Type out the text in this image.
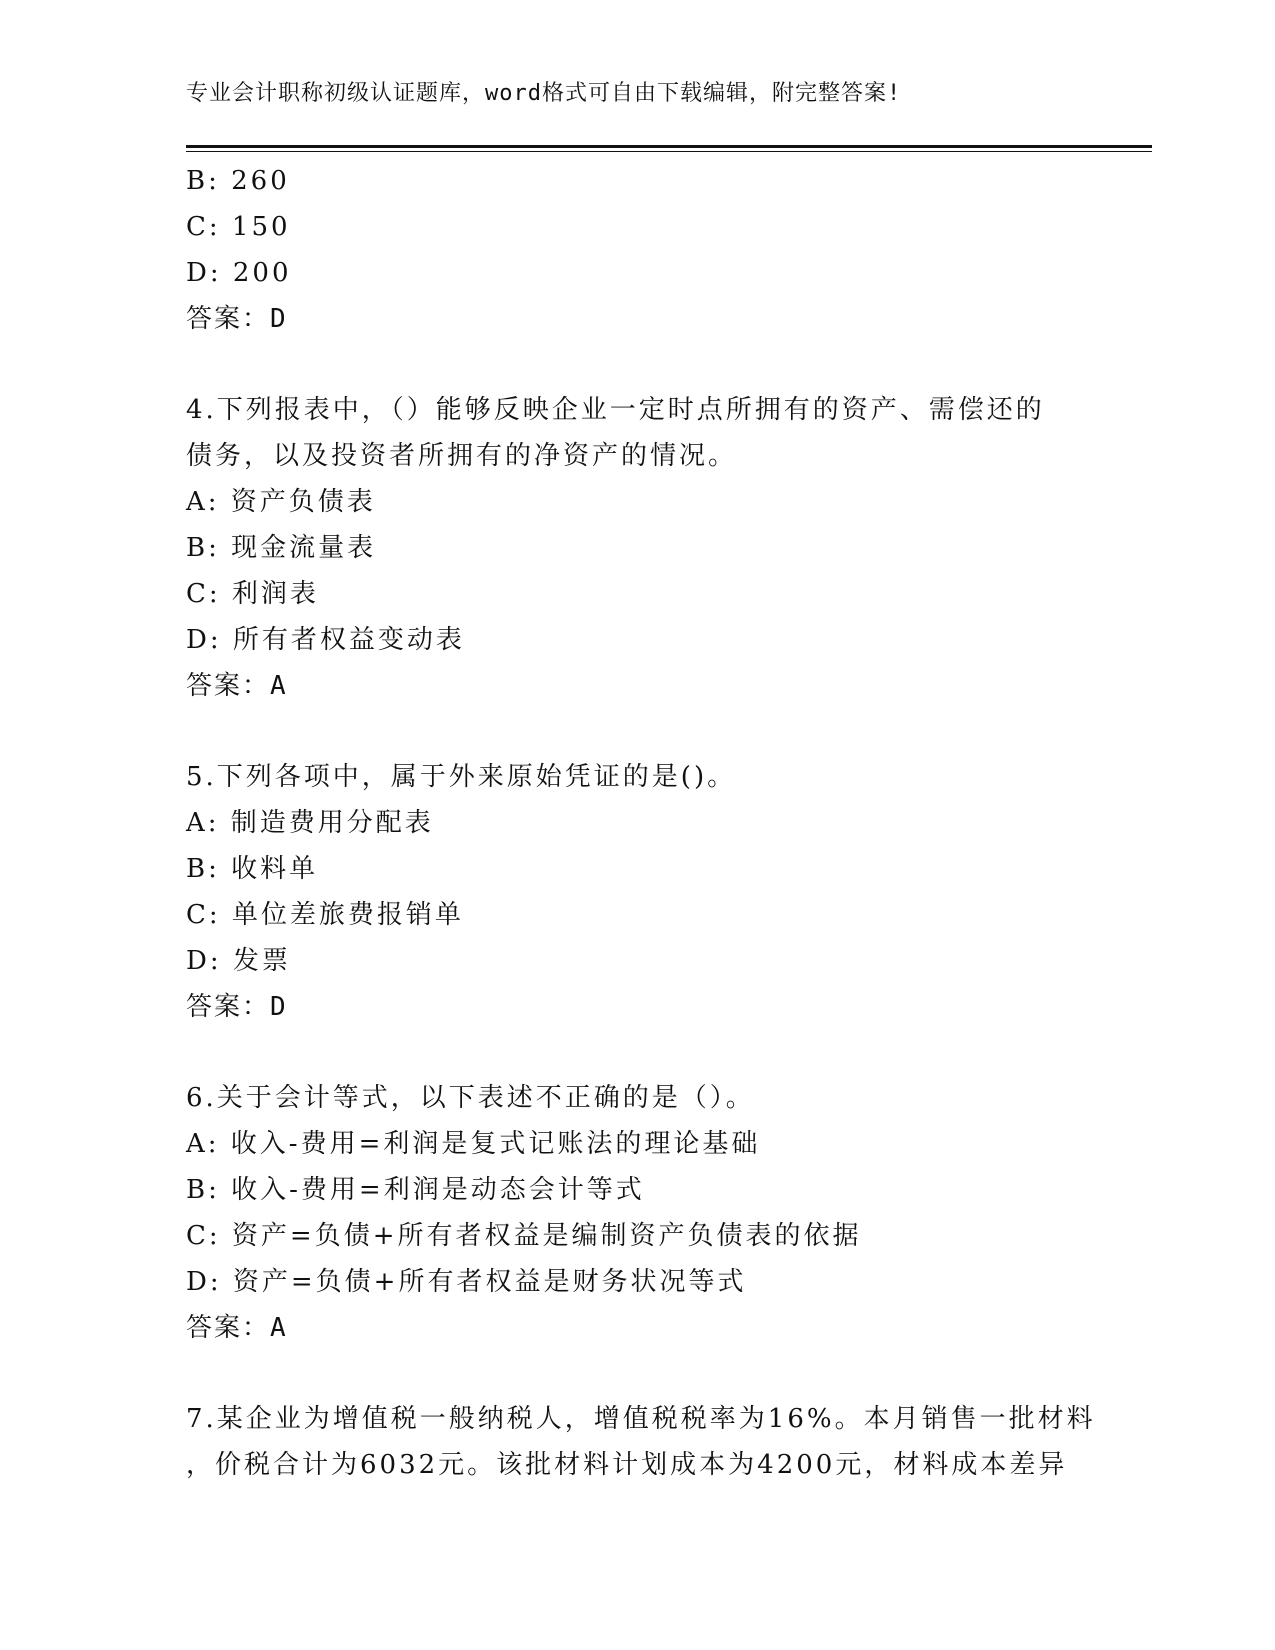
专业会计职称初级认证题库，word格式可自由下载编辑，附完整答案!
B: 260
C: 150
D: 200
答案：D
4.下列报表中，（）能够反映企业一定时点所拥有的资产、需偿还的
债务，以及投资者所拥有的净资产的情况。
A: 资产负债表
B: 现金流量表
C: 利润表
D: 所有者权益变动表
答案：A
5.下列各项中，属于外来原始凭证的是()。
A: 制造费用分配表
B: 收料单
C: 单位差旅费报销单
D: 发票
答案：D
6.关于会计等式，以下表述不正确的是（）。
A: 收入-费用=利润是复式记账法的理论基础
B: 收入-费用=利润是动态会计等式
C: 资产=负债+所有者权益是编制资产负债表的依据
D: 资产=负债+所有者权益是财务状况等式
答案：A
7.某企业为增值税一般纳税人，增值税税率为16%。本月销售一批材料
，价税合计为6032元。该批材料计划成本为4200元，材料成本差异
